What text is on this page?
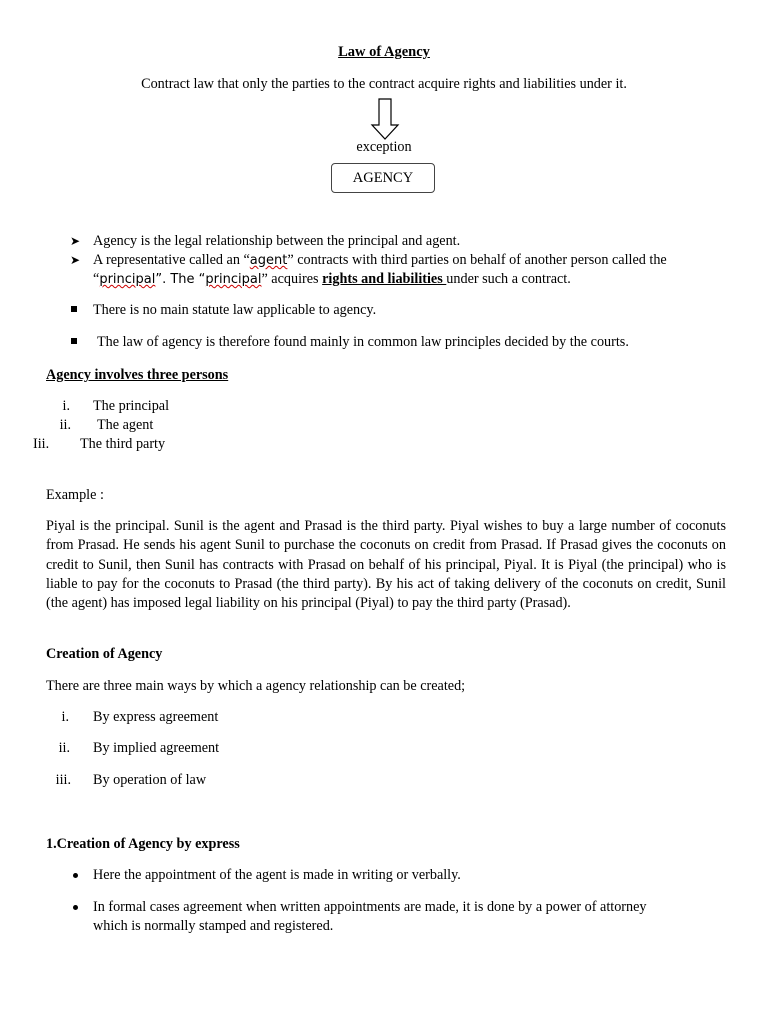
Law of Agency
Contract law that only the parties to the contract acquire rights and liabilities under it.
exception
AGENCY
➤ Agency is the legal relationship between the principal and agent.
➤ A representative called an “agent” contracts with third parties on behalf of another person called the
“principal”. The “principal” acquires rights and liabilities under such a contract.
There is no main statute law applicable to agency.
The law of agency is therefore found mainly in common law principles decided by the courts.
Agency involves three persons
i. The principal
ii. The agent
Iii. The third party
Example :
Piyal is the principal. Sunil is the agent and Prasad is the third party. Piyal wishes to buy a large number of coconuts from Prasad. He sends his agent Sunil to purchase the coconuts on credit from Prasad. If Prasad gives the coconuts on credit to Sunil, then Sunil has contracts with Prasad on behalf of his principal, Piyal. It is Piyal (the principal) who is liable to pay for the coconuts to Prasad (the third party). By his act of taking delivery of the coconuts on credit, Sunil (the agent) has imposed legal liability on his principal (Piyal) to pay the third party (Prasad).
Creation of Agency
There are three main ways by which a agency relationship can be created;
i. By express agreement
ii. By implied agreement
iii. By operation of law
1.Creation of Agency by express
Here the appointment of the agent is made in writing or verbally.
In formal cases agreement when written appointments are made, it is done by a power of attorney
which is normally stamped and registered.
